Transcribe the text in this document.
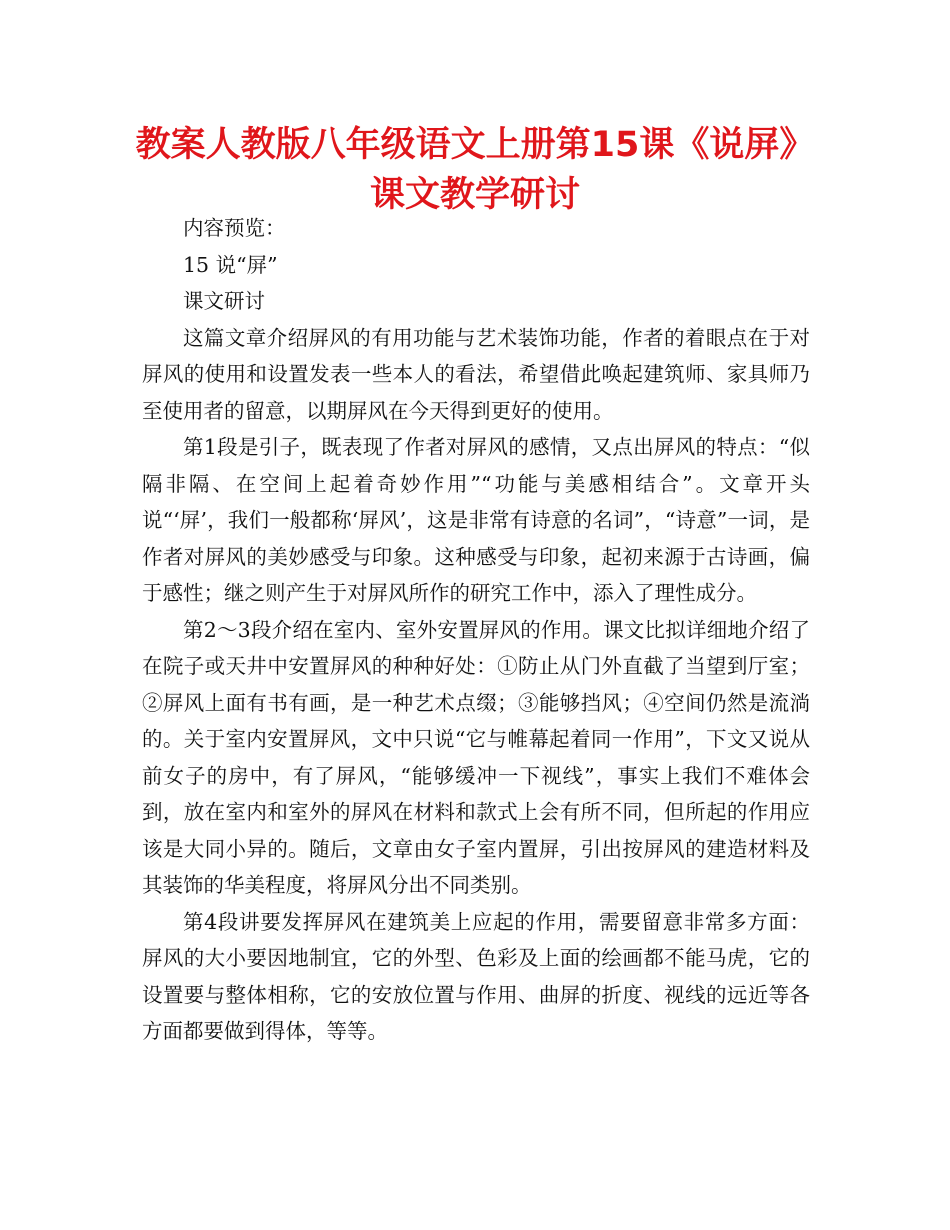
教案人教版八年级语文上册第15课《说屏》课文教学研讨

内容预览：

15 说“屏”

课文研讨

这篇文章介绍屏风的有用功能与艺术装饰功能，作者的着眼点在于对屏风的使用和设置发表一些本人的看法，希望借此唤起建筑师、家具师乃至使用者的留意，以期屏风在今天得到更好的使用。

第1段是引子，既表现了作者对屏风的感情，又点出屏风的特点：“似隔非隔、在空间上起着奇妙作用”“功能与美感相结合”。文章开头说“‘屏’，我们一般都称‘屏风’，这是非常有诗意的名词”，“诗意”一词，是作者对屏风的美妙感受与印象。这种感受与印象，起初来源于古诗画，偏于感性；继之则产生于对屏风所作的研究工作中，添入了理性成分。

第2～3段介绍在室内、室外安置屏风的作用。课文比拟详细地介绍了在院子或天井中安置屏风的种种好处：①防止从门外直截了当望到厅室；②屏风上面有书有画，是一种艺术点缀；③能够挡风；④空间仍然是流淌的。关于室内安置屏风，文中只说“它与帷幕起着同一作用”，下文又说从前女子的房中，有了屏风，“能够缓冲一下视线”，事实上我们不难体会到，放在室内和室外的屏风在材料和款式上会有所不同，但所起的作用应该是大同小异的。随后，文章由女子室内置屏，引出按屏风的建造材料及其装饰的华美程度，将屏风分出不同类别。

第4段讲要发挥屏风在建筑美上应起的作用，需要留意非常多方面：屏风的大小要因地制宜，它的外型、色彩及上面的绘画都不能马虎，它的设置要与整体相称，它的安放位置与作用、曲屏的折度、视线的远近等各方面都要做到得体，等等。
